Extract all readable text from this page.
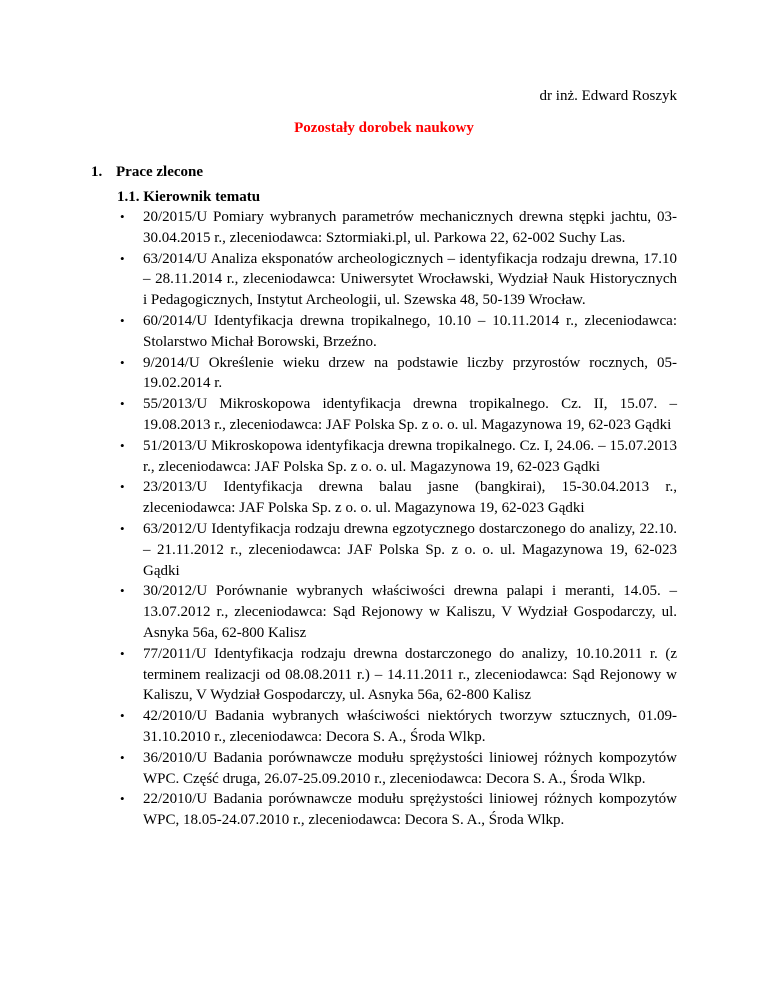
dr inż. Edward Roszyk
Pozostały dorobek naukowy
1. Prace zlecone
1.1. Kierownik tematu
• 20/2015/U Pomiary wybranych parametrów mechanicznych drewna stępki jachtu, 03-30.04.2015 r., zleceniodawca: Sztormiaki.pl, ul. Parkowa 22, 62-002 Suchy Las.
• 63/2014/U Analiza eksponatów archeologicznych – identyfikacja rodzaju drewna, 17.10 – 28.11.2014 r., zleceniodawca: Uniwersytet Wrocławski, Wydział Nauk Historycznych i Pedagogicznych, Instytut Archeologii, ul. Szewska 48, 50-139 Wrocław.
• 60/2014/U Identyfikacja drewna tropikalnego, 10.10 – 10.11.2014 r., zleceniodawca: Stolarstwo Michał Borowski, Brzeźno.
• 9/2014/U Określenie wieku drzew na podstawie liczby przyrostów rocznych, 05-19.02.2014 r.
• 55/2013/U Mikroskopowa identyfikacja drewna tropikalnego. Cz. II, 15.07. – 19.08.2013 r., zleceniodawca: JAF Polska Sp. z o. o. ul. Magazynowa 19, 62-023 Gądki
• 51/2013/U Mikroskopowa identyfikacja drewna tropikalnego. Cz. I, 24.06. – 15.07.2013 r., zleceniodawca: JAF Polska Sp. z o. o. ul. Magazynowa 19, 62-023 Gądki
• 23/2013/U Identyfikacja drewna balau jasne (bangkirai), 15-30.04.2013 r., zleceniodawca: JAF Polska Sp. z o. o. ul. Magazynowa 19, 62-023 Gądki
• 63/2012/U Identyfikacja rodzaju drewna egzotycznego dostarczonego do analizy, 22.10. – 21.11.2012 r., zleceniodawca: JAF Polska Sp. z o. o. ul. Magazynowa 19, 62-023 Gądki
• 30/2012/U Porównanie wybranych właściwości drewna palapi i meranti, 14.05. – 13.07.2012 r., zleceniodawca: Sąd Rejonowy w Kaliszu, V Wydział Gospodarczy, ul. Asnyka 56a, 62-800 Kalisz
• 77/2011/U Identyfikacja rodzaju drewna dostarczonego do analizy, 10.10.2011 r. (z terminem realizacji od 08.08.2011 r.) – 14.11.2011 r., zleceniodawca: Sąd Rejonowy w Kaliszu, V Wydział Gospodarczy, ul. Asnyka 56a, 62-800 Kalisz
• 42/2010/U Badania wybranych właściwości niektórych tworzyw sztucznych, 01.09-31.10.2010 r., zleceniodawca: Decora S. A., Środa Wlkp.
• 36/2010/U Badania porównawcze modułu sprężystości liniowej różnych kompozytów WPC. Część druga, 26.07-25.09.2010 r., zleceniodawca: Decora S. A., Środa Wlkp.
• 22/2010/U Badania porównawcze modułu sprężystości liniowej różnych kompozytów WPC, 18.05-24.07.2010 r., zleceniodawca: Decora S. A., Środa Wlkp.
